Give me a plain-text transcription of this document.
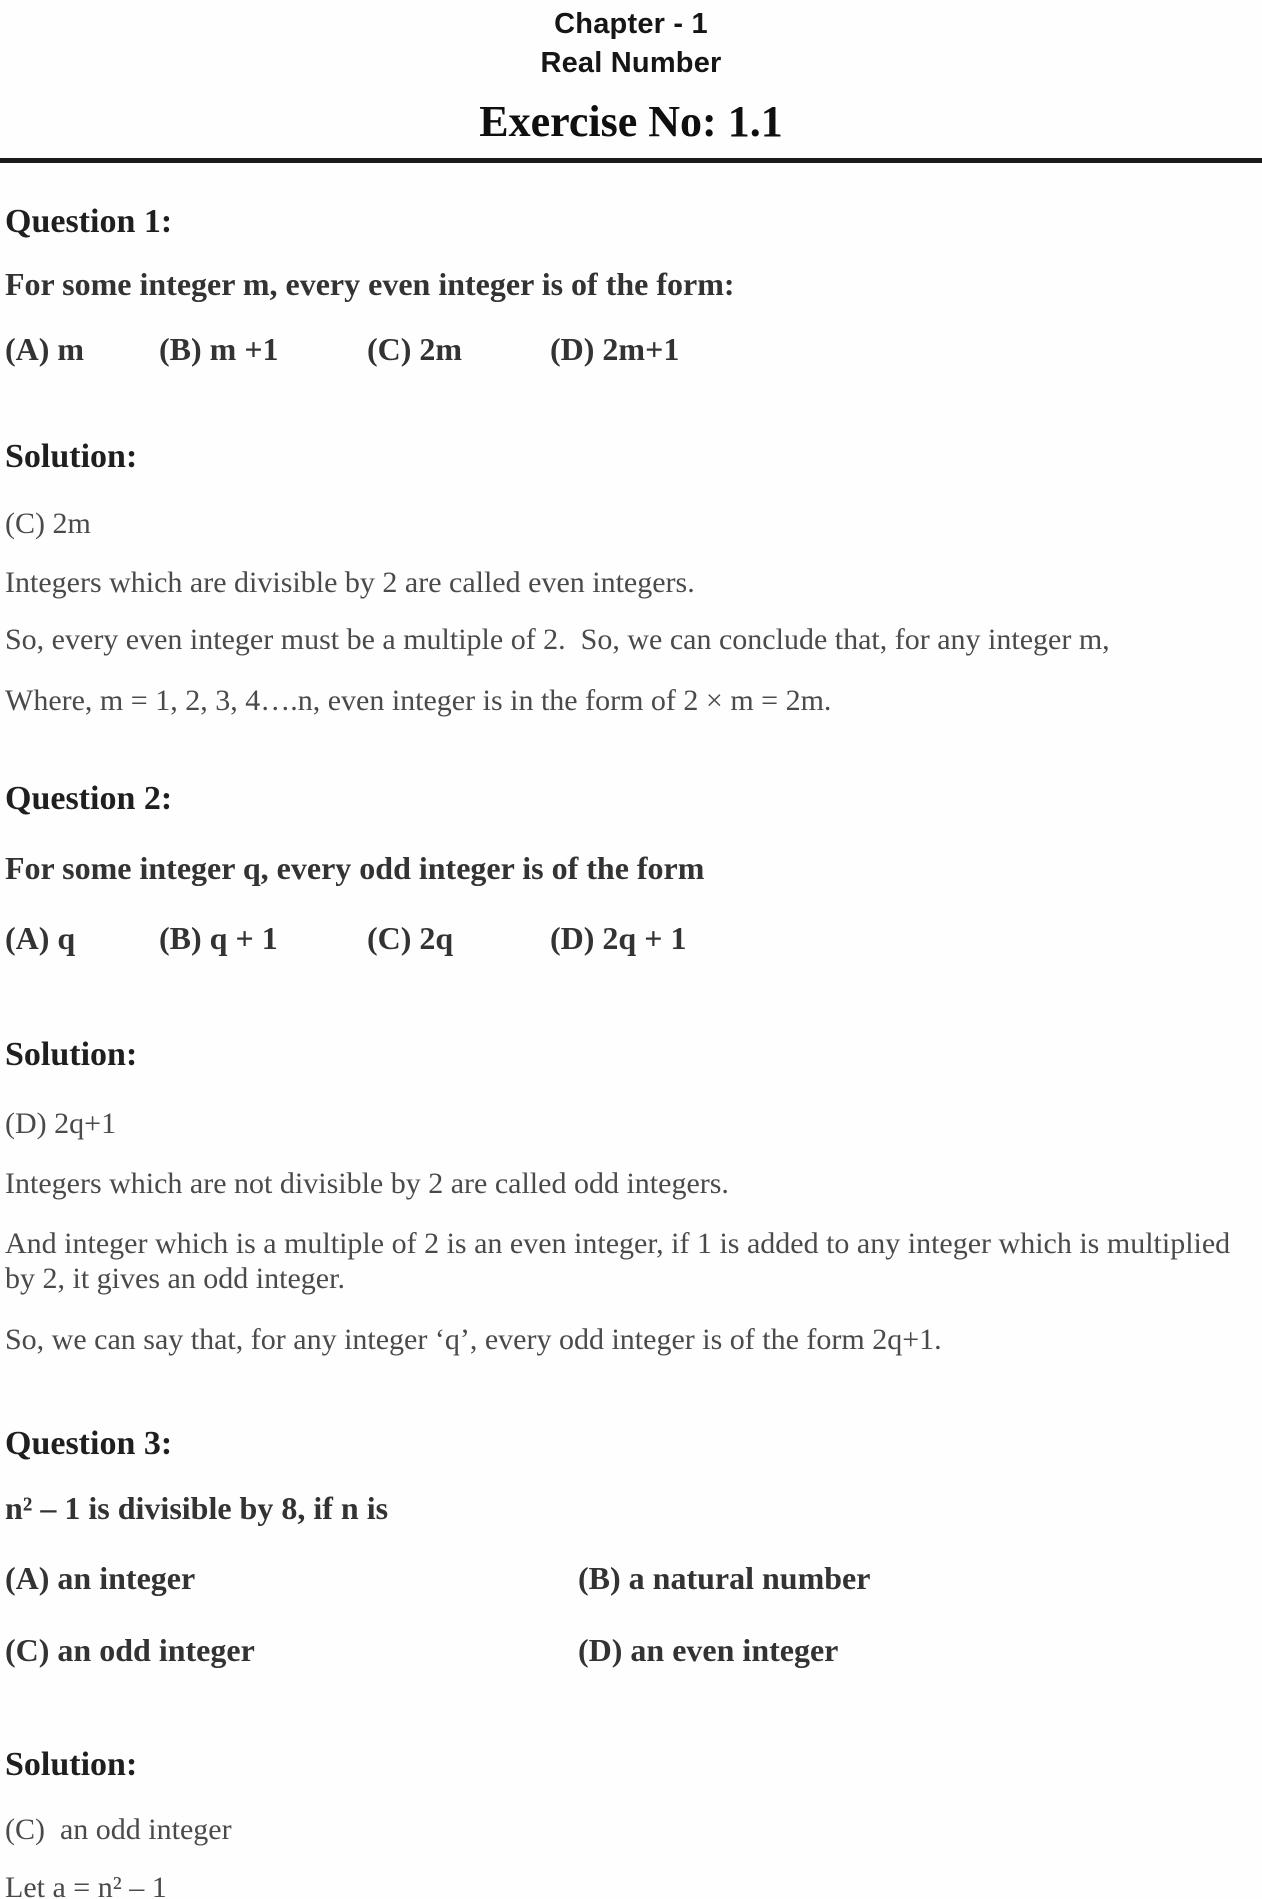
Chapter - 1
Real Number
Exercise No: 1.1
Question 1:
For some integer m, every even integer is of the form:
(A) m	(B) m +1	(C) 2m	(D) 2m+1
Solution:
(C) 2m
Integers which are divisible by 2 are called even integers.
So, every even integer must be a multiple of 2.  So, we can conclude that, for any integer m,
Where, m = 1, 2, 3, 4….n, even integer is in the form of 2 × m = 2m.
Question 2:
For some integer q, every odd integer is of the form
(A) q	(B) q + 1	(C) 2q	(D) 2q + 1
Solution:
(D) 2q+1
Integers which are not divisible by 2 are called odd integers.
And integer which is a multiple of 2 is an even integer, if 1 is added to any integer which is multiplied by 2, it gives an odd integer.
So, we can say that, for any integer ‘q’, every odd integer is of the form 2q+1.
Question 3:
n² – 1 is divisible by 8, if n is
(A) an integer	(B) a natural number
(C) an odd integer	(D) an even integer
Solution:
(C)  an odd integer
Let a = n² – 1
